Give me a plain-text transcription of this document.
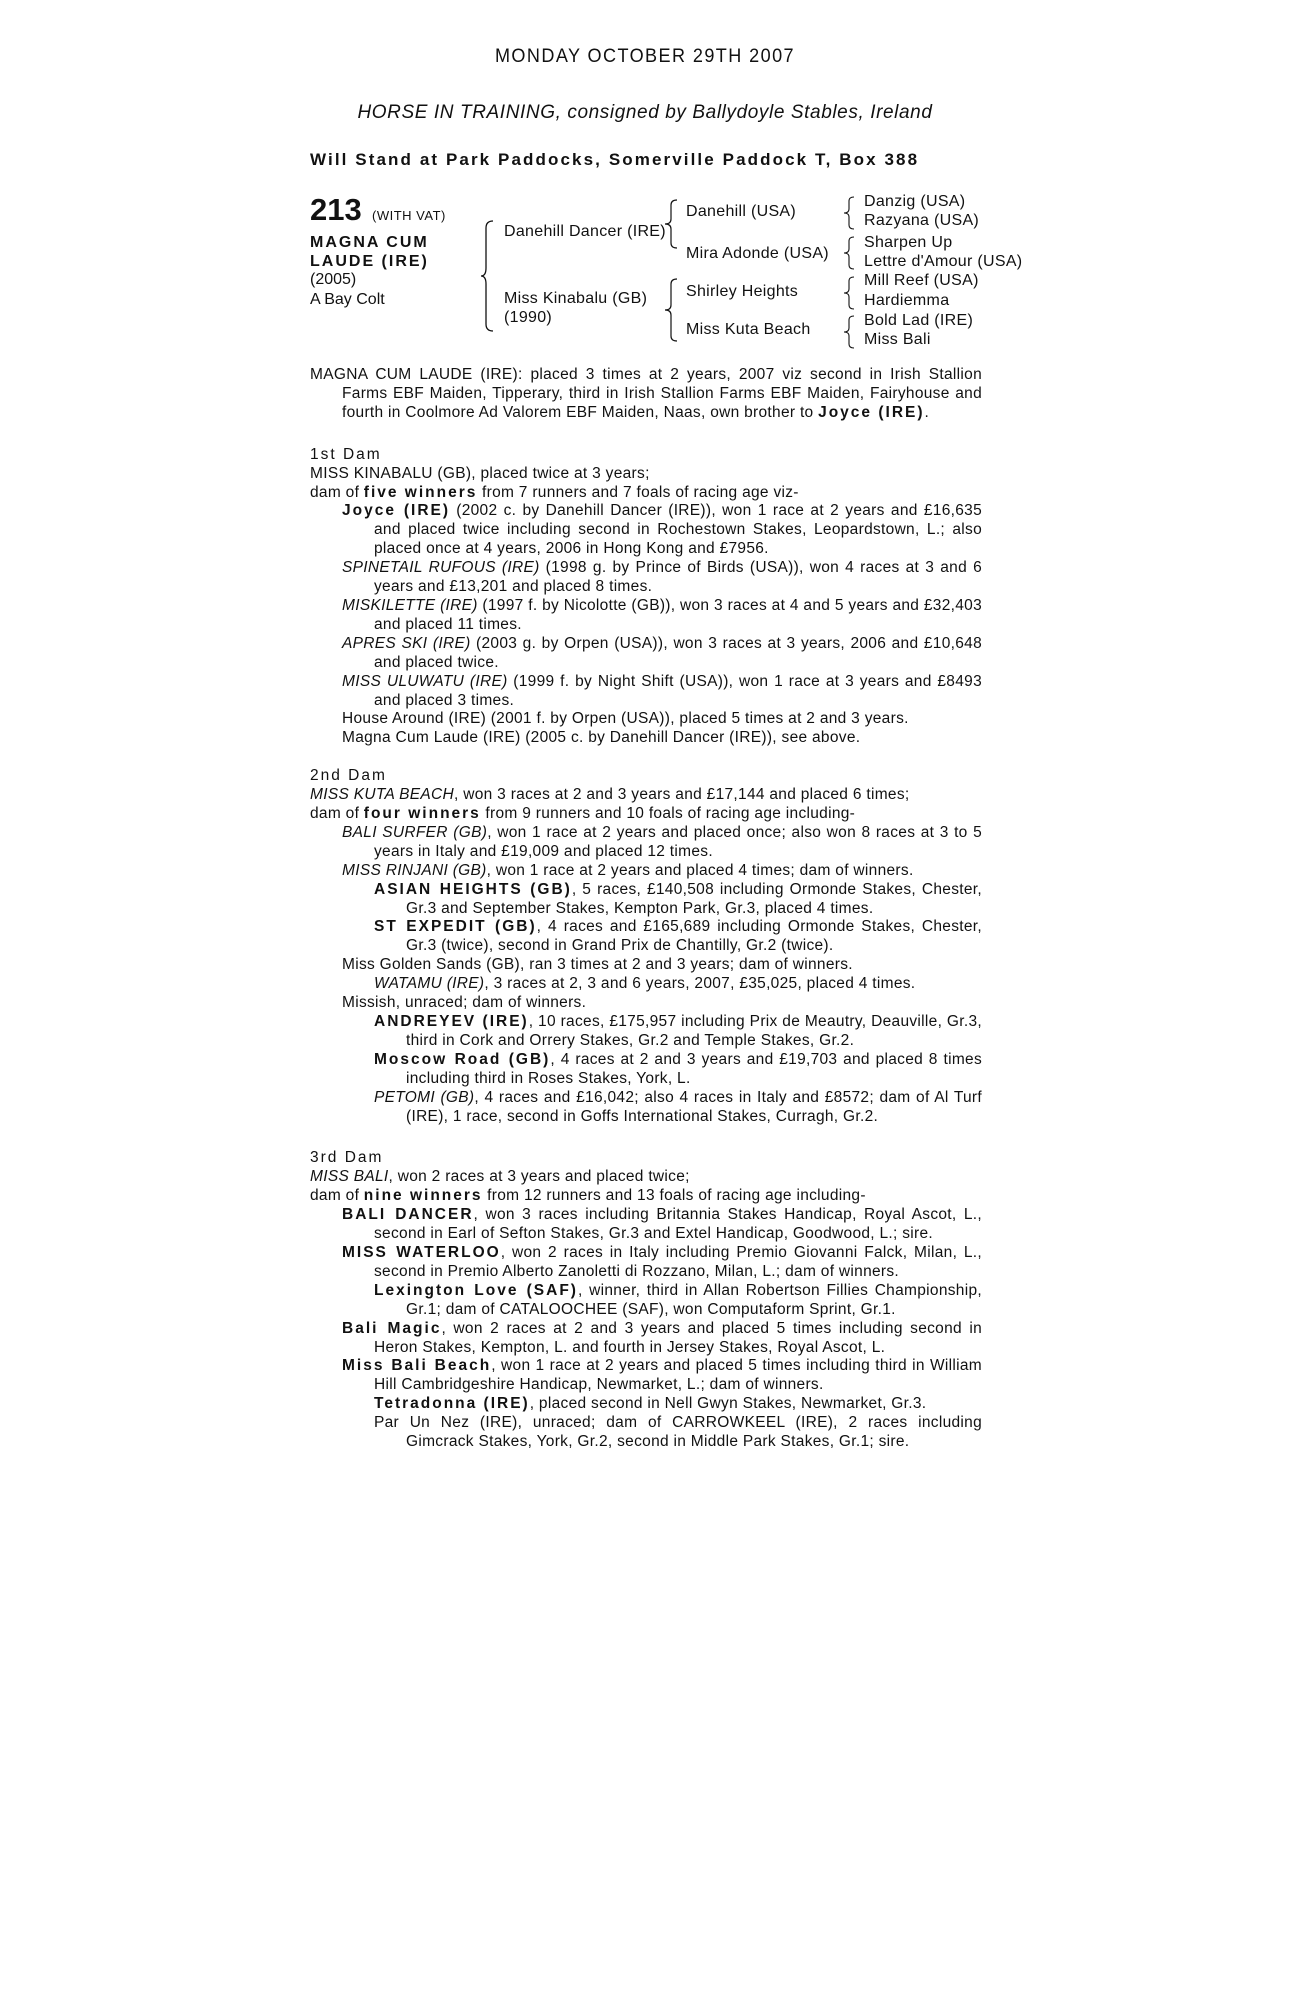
MONDAY OCTOBER 29TH 2007
HORSE IN TRAINING, consigned by Ballydoyle Stables, Ireland
Will Stand at Park Paddocks, Somerville Paddock T, Box 388
213 (WITH VAT)
MAGNA CUM
LAUDE (IRE)
(2005)
A Bay Colt
Danehill Dancer (IRE)
Miss Kinabalu (GB)
(1990)
Danehill (USA)
Mira Adonde (USA)
Shirley Heights
Miss Kuta Beach
Danzig (USA)
Razyana (USA)
Sharpen Up
Lettre d'Amour (USA)
Mill Reef (USA)
Hardiemma
Bold Lad (IRE)
Miss Bali

MAGNA CUM LAUDE (IRE): placed 3 times at 2 years, 2007 viz second in Irish Stallion Farms EBF Maiden, Tipperary, third in Irish Stallion Farms EBF Maiden, Fairyhouse and fourth in Coolmore Ad Valorem EBF Maiden, Naas, own brother to Joyce (IRE).

1st Dam
MISS KINABALU (GB), placed twice at 3 years;
dam of five winners from 7 runners and 7 foals of racing age viz-

Joyce (IRE) (2002 c. by Danehill Dancer (IRE)), won 1 race at 2 years and £16,635 and placed twice including second in Rochestown Stakes, Leopardstown, L.; also placed once at 4 years, 2006 in Hong Kong and £7956.

SPINETAIL RUFOUS (IRE) (1998 g. by Prince of Birds (USA)), won 4 races at 3 and 6 years and £13,201 and placed 8 times.

MISKILETTE (IRE) (1997 f. by Nicolotte (GB)), won 3 races at 4 and 5 years and £32,403 and placed 11 times.

APRES SKI (IRE) (2003 g. by Orpen (USA)), won 3 races at 3 years, 2006 and £10,648 and placed twice.

MISS ULUWATU (IRE) (1999 f. by Night Shift (USA)), won 1 race at 3 years and £8493 and placed 3 times.

House Around (IRE) (2001 f. by Orpen (USA)), placed 5 times at 2 and 3 years.

Magna Cum Laude (IRE) (2005 c. by Danehill Dancer (IRE)), see above.

2nd Dam
MISS KUTA BEACH, won 3 races at 2 and 3 years and £17,144 and placed 6 times;
dam of four winners from 9 runners and 10 foals of racing age including-

BALI SURFER (GB), won 1 race at 2 years and placed once; also won 8 races at 3 to 5 years in Italy and £19,009 and placed 12 times.

MISS RINJANI (GB), won 1 race at 2 years and placed 4 times; dam of winners.

ASIAN HEIGHTS (GB), 5 races, £140,508 including Ormonde Stakes, Chester, Gr.3 and September Stakes, Kempton Park, Gr.3, placed 4 times.

ST EXPEDIT (GB), 4 races and £165,689 including Ormonde Stakes, Chester, Gr.3 (twice), second in Grand Prix de Chantilly, Gr.2 (twice).

Miss Golden Sands (GB), ran 3 times at 2 and 3 years; dam of winners.

WATAMU (IRE), 3 races at 2, 3 and 6 years, 2007, £35,025, placed 4 times.

Missish, unraced; dam of winners.

ANDREYEV (IRE), 10 races, £175,957 including Prix de Meautry, Deauville, Gr.3, third in Cork and Orrery Stakes, Gr.2 and Temple Stakes, Gr.2.

Moscow Road (GB), 4 races at 2 and 3 years and £19,703 and placed 8 times including third in Roses Stakes, York, L.

PETOMI (GB), 4 races and £16,042; also 4 races in Italy and £8572; dam of Al Turf (IRE), 1 race, second in Goffs International Stakes, Curragh, Gr.2.

3rd Dam
MISS BALI, won 2 races at 3 years and placed twice;
dam of nine winners from 12 runners and 13 foals of racing age including-

BALI DANCER, won 3 races including Britannia Stakes Handicap, Royal Ascot, L., second in Earl of Sefton Stakes, Gr.3 and Extel Handicap, Goodwood, L.; sire.

MISS WATERLOO, won 2 races in Italy including Premio Giovanni Falck, Milan, L., second in Premio Alberto Zanoletti di Rozzano, Milan, L.; dam of winners.

Lexington Love (SAF), winner, third in Allan Robertson Fillies Championship, Gr.1; dam of CATALOOCHEE (SAF), won Computaform Sprint, Gr.1.

Bali Magic, won 2 races at 2 and 3 years and placed 5 times including second in Heron Stakes, Kempton, L. and fourth in Jersey Stakes, Royal Ascot, L.

Miss Bali Beach, won 1 race at 2 years and placed 5 times including third in William Hill Cambridgeshire Handicap, Newmarket, L.; dam of winners.

Tetradonna (IRE), placed second in Nell Gwyn Stakes, Newmarket, Gr.3.

Par Un Nez (IRE), unraced; dam of CARROWKEEL (IRE), 2 races including Gimcrack Stakes, York, Gr.2, second in Middle Park Stakes, Gr.1; sire.
